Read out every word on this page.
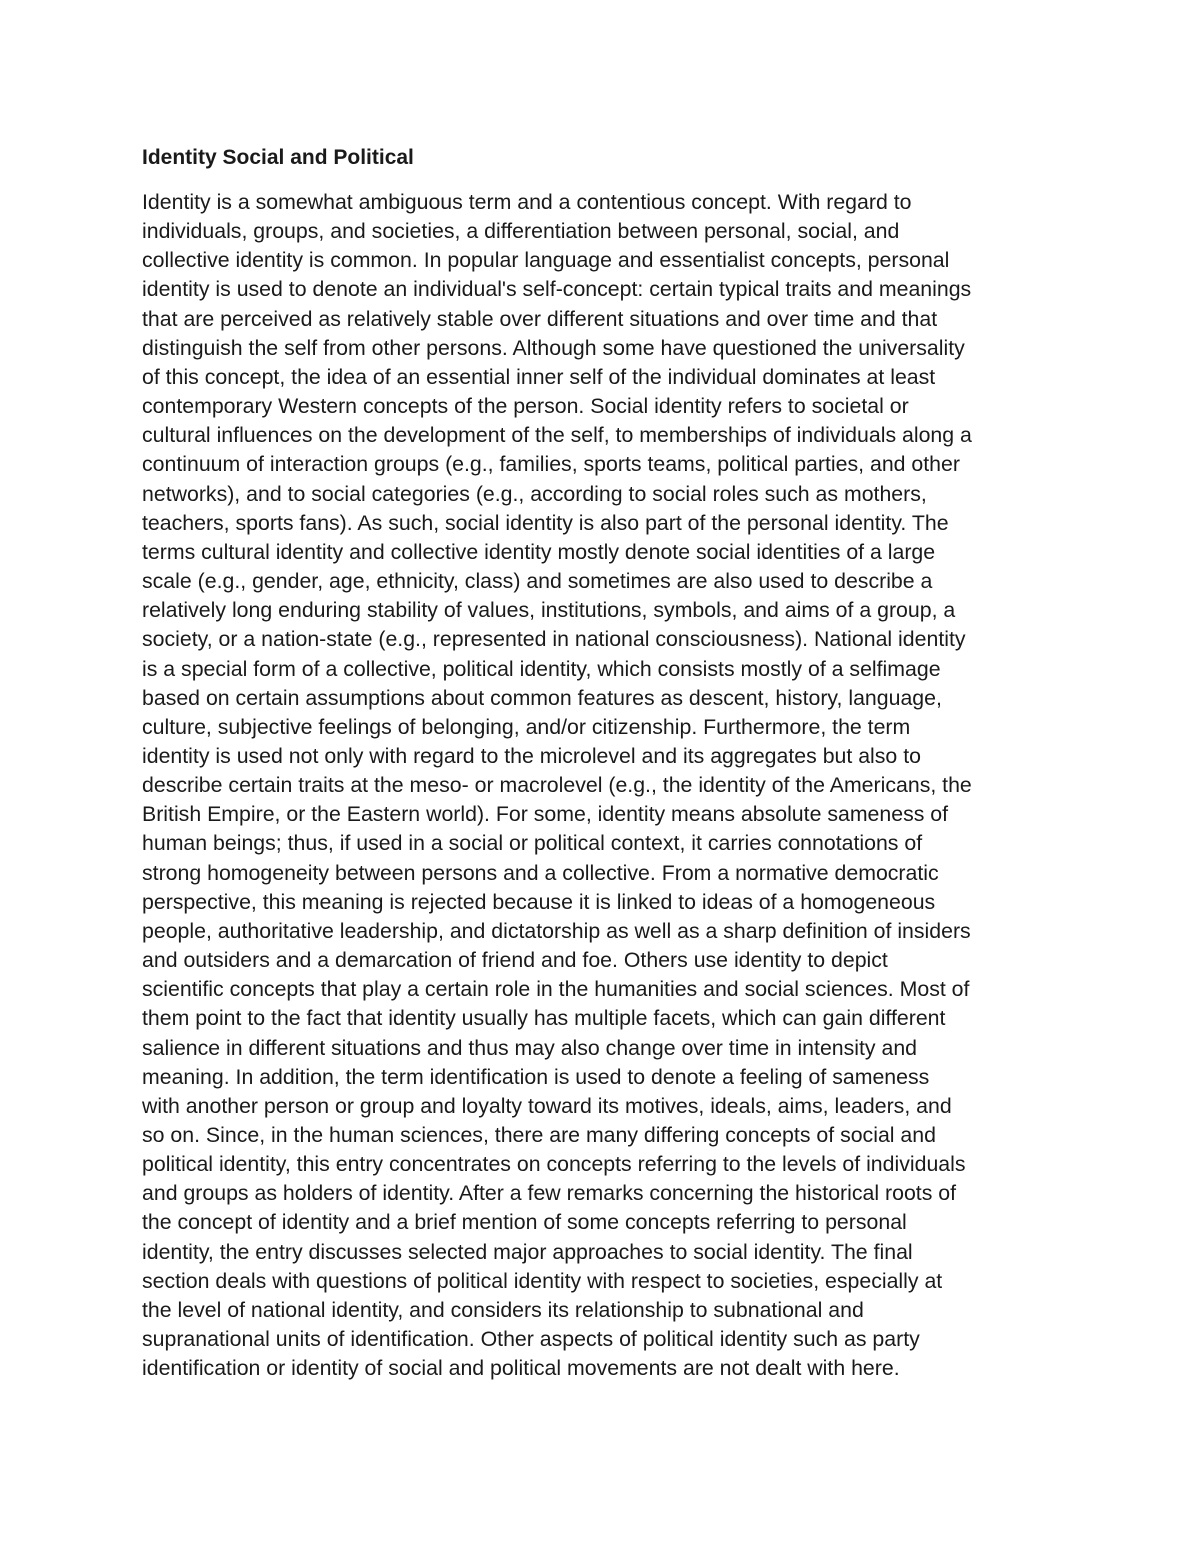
Identity Social and Political
Identity is a somewhat ambiguous term and a contentious concept. With regard to
individuals, groups, and societies, a differentiation between personal, social, and
collective identity is common. In popular language and essentialist concepts, personal
identity is used to denote an individual's self-concept: certain typical traits and meanings
that are perceived as relatively stable over different situations and over time and that
distinguish the self from other persons. Although some have questioned the universality
of this concept, the idea of an essential inner self of the individual dominates at least
contemporary Western concepts of the person. Social identity refers to societal or
cultural influences on the development of the self, to memberships of individuals along a
continuum of interaction groups (e.g., families, sports teams, political parties, and other
networks), and to social categories (e.g., according to social roles such as mothers,
teachers, sports fans). As such, social identity is also part of the personal identity. The
terms cultural identity and collective identity mostly denote social identities of a large
scale (e.g., gender, age, ethnicity, class) and sometimes are also used to describe a
relatively long enduring stability of values, institutions, symbols, and aims of a group, a
society, or a nation-state (e.g., represented in national consciousness). National identity
is a special form of a collective, political identity, which consists mostly of a selfimage
based on certain assumptions about common features as descent, history, language,
culture, subjective feelings of belonging, and/or citizenship. Furthermore, the term
identity is used not only with regard to the microlevel and its aggregates but also to
describe certain traits at the meso- or macrolevel (e.g., the identity of the Americans, the
British Empire, or the Eastern world). For some, identity means absolute sameness of
human beings; thus, if used in a social or political context, it carries connotations of
strong homogeneity between persons and a collective. From a normative democratic
perspective, this meaning is rejected because it is linked to ideas of a homogeneous
people, authoritative leadership, and dictatorship as well as a sharp definition of insiders
and outsiders and a demarcation of friend and foe. Others use identity to depict
scientific concepts that play a certain role in the humanities and social sciences. Most of
them point to the fact that identity usually has multiple facets, which can gain different
salience in different situations and thus may also change over time in intensity and
meaning. In addition, the term identification is used to denote a feeling of sameness
with another person or group and loyalty toward its motives, ideals, aims, leaders, and
so on. Since, in the human sciences, there are many differing concepts of social and
political identity, this entry concentrates on concepts referring to the levels of individuals
and groups as holders of identity. After a few remarks concerning the historical roots of
the concept of identity and a brief mention of some concepts referring to personal
identity, the entry discusses selected major approaches to social identity. The final
section deals with questions of political identity with respect to societies, especially at
the level of national identity, and considers its relationship to subnational and
supranational units of identification. Other aspects of political identity such as party
identification or identity of social and political movements are not dealt with here.
